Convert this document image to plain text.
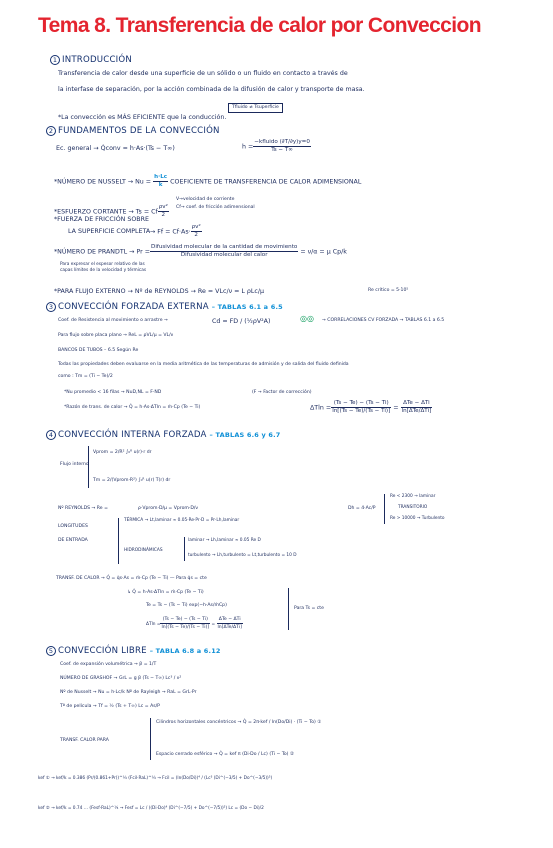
Tema 8. Transferencia de calor por Conveccion
1 INTRODUCCIÓN
Transferencia de calor desde una superficie de un sólido o un fluido en contacto a través de
la interfase de separación, por la acción combinada de la difusión de calor y transporte de masa.
Tfluido ≠ Tsuperficie
*La convección es MÁS EFICIENTE que la conducción.
2 FUNDAMENTOS DE LA CONVECCIÓN
Ec. general → Q̇conv = h·As·(Ts − T∞)	$h = \frac{\text{−kfluido (∂T/∂y)y=0}}{Ts - T\infty}$
*NÚMERO DE NUSSELT → $Nu = \frac{h\cdot Lc}{k}$ COEFICIENTE DE TRANSFERENCIA DE CALOR ADIMENSIONAL
*ESFUERZO CORTANTE → Ts = Cf $\frac{\text{ρv²}}{2}$
V→velocidad de corriente
Cf→ coef. de fricción adimensional
*FUERZA DE FRICCIÓN SOBRE
LA SUPERFICIE COMPLETA → $Ff = Cf\cdot As\cdot \frac{\text{ρv²}}{2}$
*NÚMERO DE PRANDTL → $Pr = \frac{\text{Difusividad molecular de la cantidad de movimiento}}{\text{Difusividad molecular del calor}} = \nu/\alpha = \mu$ Cp/k
Para expresar el espesor relativo de las
capas límites de la velocidad y térmicas
*PARA FLUJO EXTERNO → Nº de REYNOLDS → Re = VLc/ν = L ρLc/μ	Re crítico = 5·10⁵
3 CONVECCIÓN FORZADA EXTERNA – TABLAS 6.1 a 6.5
Coef. de Resistencia al movimiento o arrastre →	Cd = FD / (½ρV²A)	◎◎ → CORRELACIONES CV FORZADA → TABLAS 6.1 a 6.5
Para flujo sobre placa plano → ReL = ρVL/μ = VL/ν
BANCOS DE TUBOS – 6.5 Según Re
Todas las propiedades deben evaluarse en la media aritmética de las temperaturas de admisión y de salida del fluido definida
como : Tm = (Ti − Te)/2
*Nu promedio < 16 filas → NuD,NL = F·ND	(F → Factor de corrección)
*Razón de trans. de calor → Q̇ = h·As·ΔTln = ṁ·Cp (Te − Ti)	$\Delta Tln = \frac{(Ts - Te) - (Ts - Ti)}{\ln[(Ts - Te)/(Ts - Ti)]} = \frac{\text{ΔTe − ΔTi}}{\text{ln[ΔTe/ΔTi]}}$
4 CONVECCIÓN INTERNA FORZADA – TABLAS 6.6 y 6.7
Flujo interno
Vprom = 2/R² ∫₀ᴿ u(r)·r dr
Tm = 2/(Vprom·R²) ∫₀ᴿ u(r) T(r) dr
Nº REYNOLDS → Re =	ρ·Vprom·D/μ = Vprom·D/ν	Dh = 4·Ac/P
Re < 2300 → laminar
TRANSITORIO
Re > 10000 → Turbulento
LONGITUDES
DE ENTRADA
TÉRMICA → Lt,laminar ≈ 0.05·Re·Pr·D = Pr·Lh,laminar
HIDRODINÁMICAS
laminar → Lh,laminar ≈ 0.05 Re D
turbulento → Lh,turbulento = Lt,turbulento = 10 D
TRANSF. DE CALOR → Q̇ = q̇s·As = ṁ·Cp (Te − Ti) — Para q̇s = cte
↳ Q̇ = h·As·ΔTln = ṁ·Cp (Te − Ti)
Te = Ts − (Ts − Ti) exp(−h·As/ṁCp)
$\Delta Tln = \frac{(Ts - Te) - (Ts - Ti)}{\ln[(Ts - Te)/(Ts - Ti)]} = \frac{\text{ΔTe − ΔTi}}{\text{ln[ΔTe/ΔTi]}}$
Para Ts = cte
5 CONVECCIÓN LIBRE – TABLA 6.8 a 6.12
Coef. de expansión volumétrica → β = 1/T
NÚMERO DE GRASHOF → GrL = g β (Ts − T∞) Lc³ / ν²
Nº de Nusselt → Nu = h·Lc/k Nº de Rayleigh → RaL = GrL·Pr
Tª de película → Tf = ½ (Ts + T∞) Lc = As/P
TRANSF. CALOR PARA
Cilindros horizontales concéntricos → Q̇ = 2π·kef / ln(Do/Di) · (Ti − To) ①
Espacio cerrado esférico → Q̇ = kef π (Di·Do / Lc) (Ti − To) ②
kef ① → kef/k = 0.386 (Pr/(0.861+Pr))^¼ (Fcil·RaL)^¼ → Fcil = (ln(Do/Di))⁴ / (Lc³ (Di^(−3/5) + Do^(−3/5))⁵)
kef ② → kef/k = 0.74 … (Fesf·RaL)^¼ → Fesf = Lc / ((Di·Do)⁴ (Di^(−7/5) + Do^(−7/5))⁵) Lc = (Do − Di)/2
